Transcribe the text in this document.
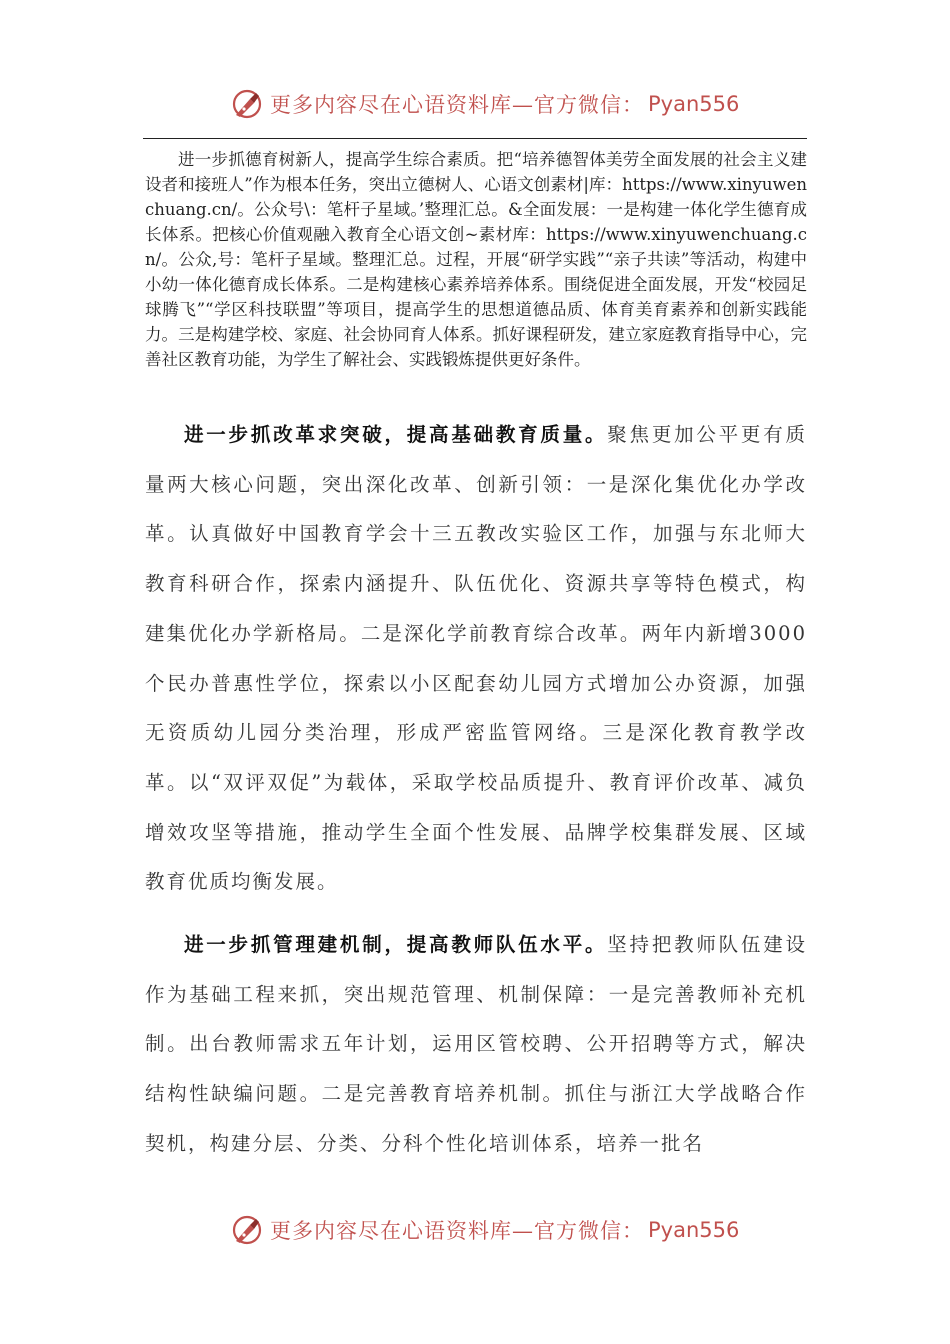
更多内容尽在心语资料库—官方微信： Pyan556

进一步抓德育树新人，提高学生综合素质。把“培养德智体美劳全面发展的社会主义建设者和接班人”作为根本任务，突出立德树人、心语文创素材|库：https://www.xinyuwenchuang.cn/。公众号\：笔杆子星域。’整理汇总。&全面发展：一是构建一体化学生德育成长体系。把核心价值观融入教育全心语文创~素材库：https://www.xinyuwenchuang.cn/。公众,号：笔杆子星域。整理汇总。过程，开展“研学实践”“亲子共读”等活动，构建中小幼一体化德育成长体系。二是构建核心素养培养体系。围绕促进全面发展，开发“校园足球腾飞”“学区科技联盟”等项目，提高学生的思想道德品质、体育美育素养和创新实践能力。三是构建学校、家庭、社会协同育人体系。抓好课程研发，建立家庭教育指导中心，完善社区教育功能，为学生了解社会、实践锻炼提供更好条件。

进一步抓改革求突破，提高基础教育质量。聚焦更加公平更有质量两大核心问题，突出深化改革、创新引领：一是深化集优化办学改革。认真做好中国教育学会十三五教改实验区工作，加强与东北师大教育科研合作，探索内涵提升、队伍优化、资源共享等特色模式，构建集优化办学新格局。二是深化学前教育综合改革。两年内新增3000个民办普惠性学位，探索以小区配套幼儿园方式增加公办资源，加强无资质幼儿园分类治理，形成严密监管网络。三是深化教育教学改革。以“双评双促”为载体，采取学校品质提升、教育评价改革、减负增效攻坚等措施，推动学生全面个性发展、品牌学校集群发展、区域教育优质均衡发展。

进一步抓管理建机制，提高教师队伍水平。坚持把教师队伍建设作为基础工程来抓，突出规范管理、机制保障：一是完善教师补充机制。出台教师需求五年计划，运用区管校聘、公开招聘等方式，解决结构性缺编问题。二是完善教育培养机制。抓住与浙江大学战略合作契机，构建分层、分类、分科个性化培训体系，培养一批名

更多内容尽在心语资料库—官方微信： Pyan556
